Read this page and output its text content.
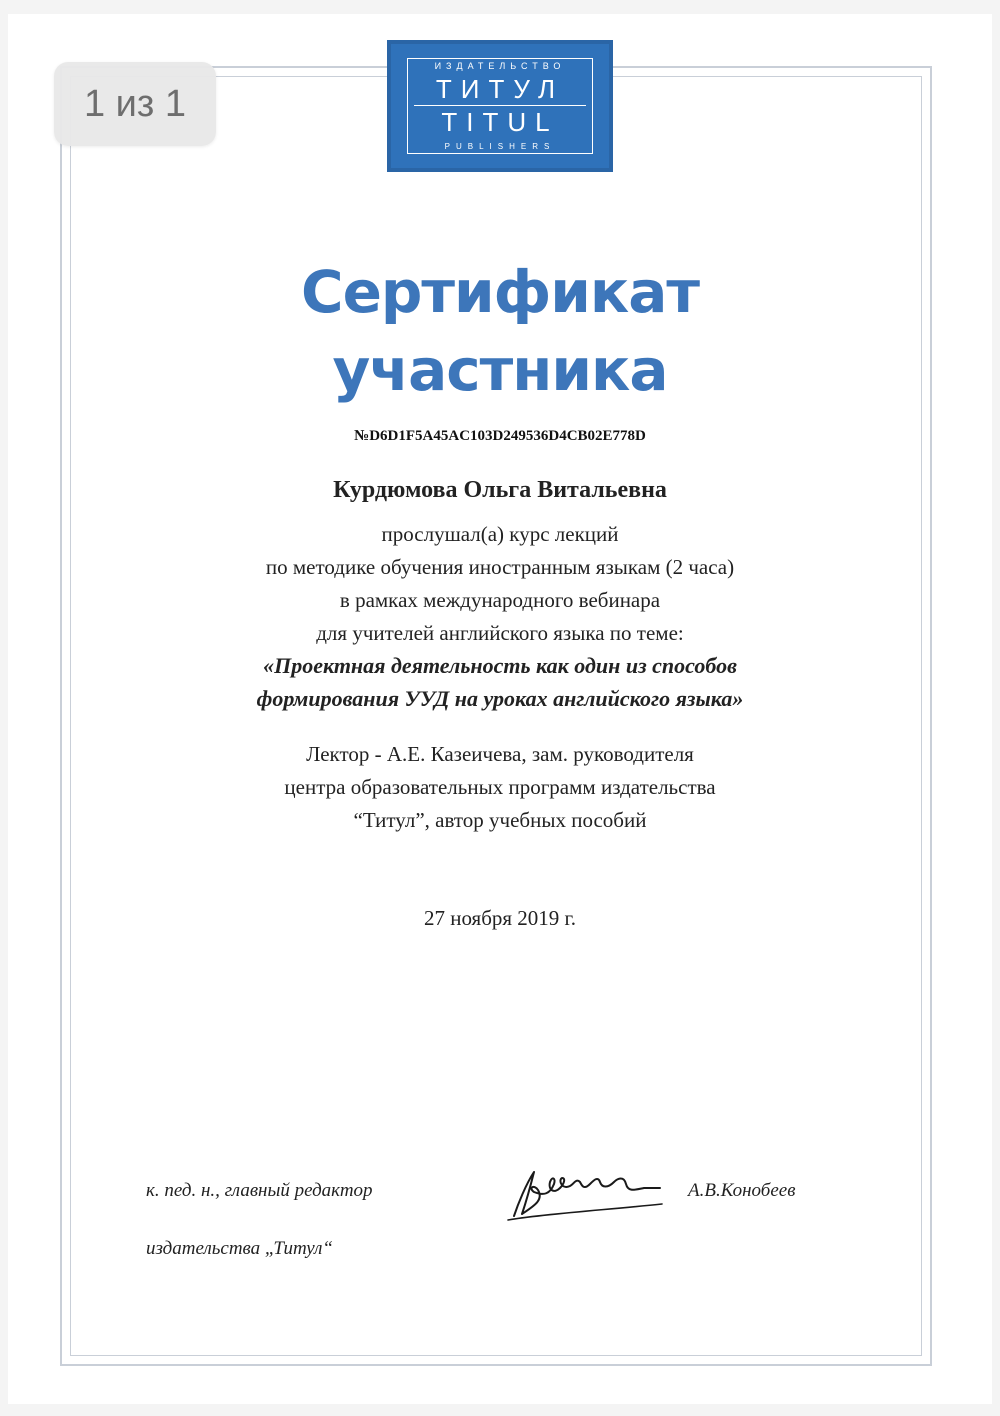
ИЗДАТЕЛЬСТВО
ТИТУЛ
TITUL
PUBLISHERS
Сертификат
участника
№D6D1F5A45AC103D249536D4CB02E778D
Курдюмова Ольга Витальевна
прослушал(а) курс лекций
по методике обучения иностранным языкам (2 часа)
в рамках международного вебинара
для учителей английского языка по теме:
«Проектная деятельность как один из способов
формирования УУД на уроках английского языка»
Лектор - А.Е. Казеичева, зам. руководителя
центра образовательных программ издательства
“Титул”, автор учебных пособий
27 ноября 2019 г.
к. пед. н., главный редактор
издательства „Титул“
А.В.Конобеев
1 из 1
